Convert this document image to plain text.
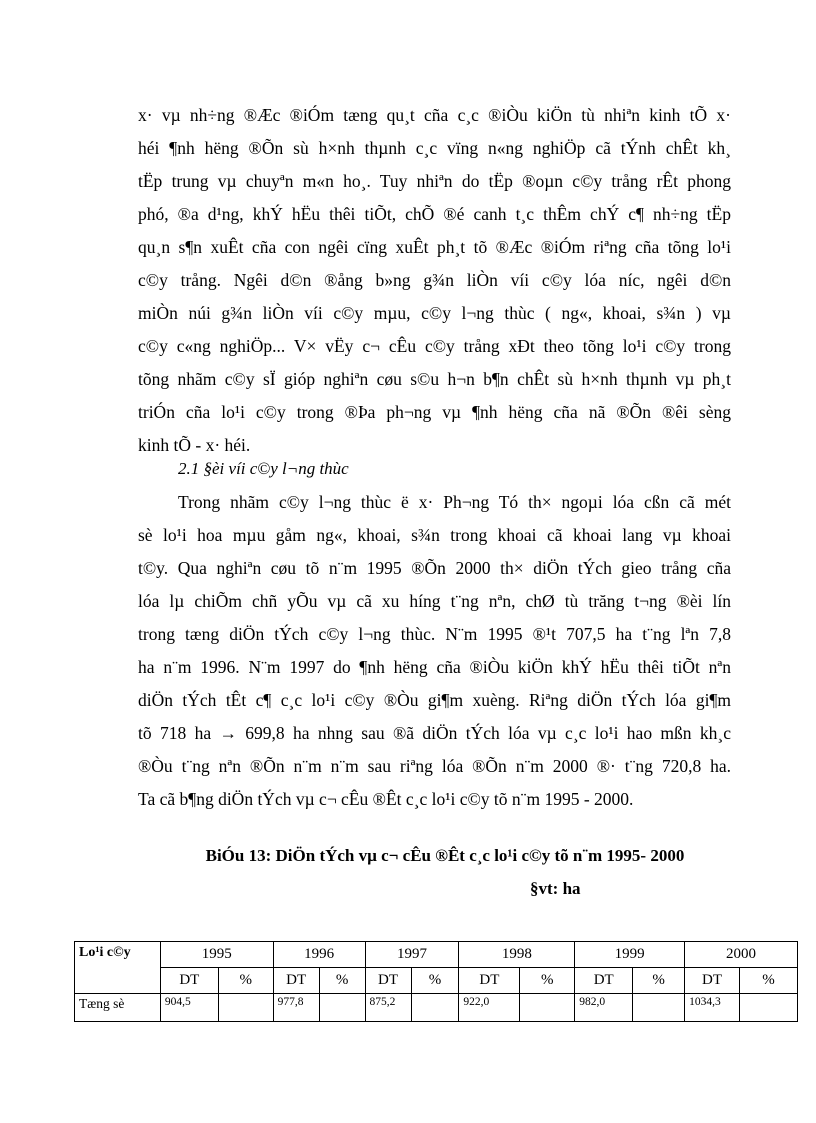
x· vµ nh÷ng ®Æc ®iÓm tæng qu¸t cña c¸c ®iÒu kiÖn tù nhiªn kinh tÕ x·
héi ¶nh hëng ®Õn sù h×nh thµnh c¸c vïng n«ng nghiÖp cã tÝnh chÊt kh¸
tËp trung vµ chuyªn m«n ho¸. Tuy nhiªn do tËp ®oµn c©y trång rÊt phong
phó, ®a d¹ng, khÝ hËu thêi tiÕt, chÕ ®é canh t¸c thÊm chÝ c¶ nh÷ng tËp
qu¸n s¶n xuÊt cña con ngêi cïng xuÊt ph¸t tõ ®Æc ®iÓm riªng cña tõng lo¹i
c©y trång. Ngêi d©n ®ång b»ng g¾n liÒn víi c©y lóa níc, ngêi d©n
miÒn núi g¾n liÒn víi c©y mµu, c©y l¬ng thùc ( ng«, khoai, s¾n ) vµ
c©y c«ng nghiÖp... V× vËy c¬ cÊu c©y trång xÐt theo tõng lo¹i c©y trong
tõng nhãm c©y sÏ gióp nghiªn cøu s©u h¬n b¶n chÊt sù h×nh thµnh vµ ph¸t
triÓn cña lo¹i c©y trong ®Þa ph¬ng vµ ¶nh hëng cña nã ®Õn ®êi sèng
kinh tÕ - x· héi.
2.1 §èi víi c©y l¬ng thùc
Trong nhãm c©y l¬ng thùc ë x· Ph¬ng Tó th× ngoµi lóa cßn cã mét
sè lo¹i hoa mµu gåm ng«, khoai, s¾n trong khoai cã khoai lang vµ khoai
t©y. Qua nghiªn cøu tõ n¨m 1995 ®Õn 2000 th× diÖn tÝch gieo trång cña
lóa lµ chiÕm chñ yÕu vµ cã xu híng t¨ng nªn, chØ tù trăng t¬ng ®èi lín
trong tæng diÖn tÝch c©y l¬ng thùc. N¨m 1995 ®¹t 707,5 ha t¨ng lªn 7,8
ha n¨m 1996. N¨m 1997 do ¶nh hëng cña ®iÒu kiÖn khÝ hËu thêi tiÕt nªn
diÖn tÝch tÊt c¶ c¸c lo¹i c©y ®Òu gi¶m xuèng. Riªng diÖn tÝch lóa gi¶m
tõ 718 ha → 699,8 ha nhng sau ®ã diÖn tÝch lóa vµ c¸c lo¹i hao mßn kh¸c
®Òu t¨ng nªn ®Õn n¨m n¨m sau riªng lóa ®Õn n¨m 2000 ®· t¨ng 720,8 ha.
Ta cã b¶ng diÖn tÝch vµ c¬ cÊu ®Êt c¸c lo¹i c©y tõ n¨m 1995 - 2000.
BiÓu 13: DiÖn tÝch vµ c¬ cÊu ®Êt c¸c lo¹i c©y tõ n¨m 1995- 2000
§vt: ha
Lo¹i c©y	1995		1996		1997		1998		1999		2000	
	DT	%	DT	%	DT	%	DT	%	DT	%	DT	%
Tæng sè	904,5		977,8		875,2		922,0		982,0		1034,3	
